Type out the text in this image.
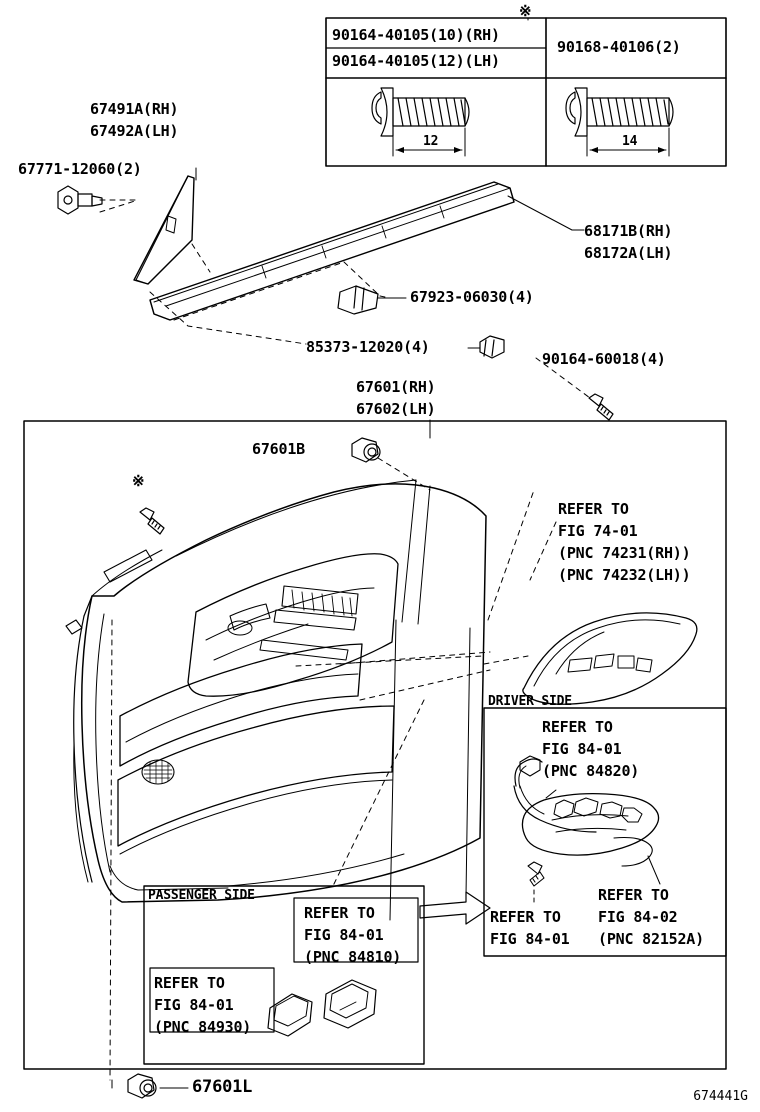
※
90164-40105(10)(RH)
90164-40105(12)(LH)
90168-40106(2)
12	14
67491A(RH)
67492A(LH)
67771-12060(2)
68171B(RH)
68172A(LH)
67923-06030(4)
85373-12020(4)
90164-60018(4)
67601(RH)
67602(LH)
67601B
※
REFER TO
FIG 74-01
(PNC 74231(RH))
(PNC 74232(LH))
DRIVER SIDE
REFER TO
FIG 84-01
(PNC 84820)
REFER TO
FIG 84-02
(PNC 82152A)
REFER TO
FIG 84-01
PASSENGER SIDE
REFER TO
FIG 84-01
(PNC 84810)
REFER TO
FIG 84-01
(PNC 84930)
67601L	674441G
